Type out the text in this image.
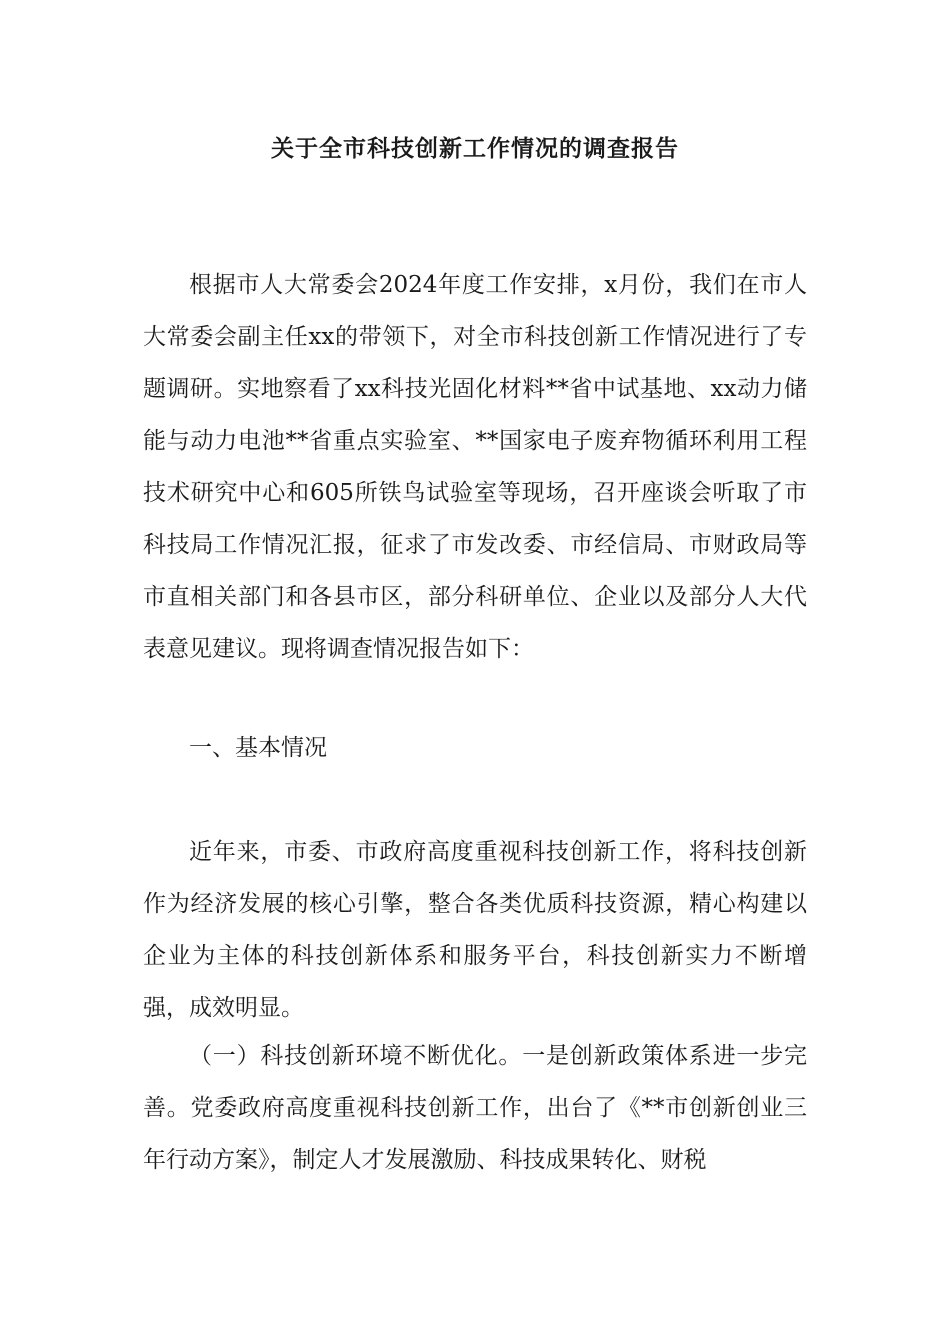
关于全市科技创新工作情况的调查报告

根据市人大常委会2024年度工作安排，x月份，我们在市人大常委会副主任xx的带领下，对全市科技创新工作情况进行了专题调研。实地察看了xx科技光固化材料**省中试基地、xx动力储能与动力电池**省重点实验室、**国家电子废弃物循环利用工程技术研究中心和605所铁鸟试验室等现场，召开座谈会听取了市科技局工作情况汇报，征求了市发改委、市经信局、市财政局等市直相关部门和各县市区，部分科研单位、企业以及部分人大代表意见建议。现将调查情况报告如下：

一、基本情况

近年来，市委、市政府高度重视科技创新工作，将科技创新作为经济发展的核心引擎，整合各类优质科技资源，精心构建以企业为主体的科技创新体系和服务平台，科技创新实力不断增强，成效明显。

（一）科技创新环境不断优化。一是创新政策体系进一步完善。党委政府高度重视科技创新工作，出台了《**市创新创业三年行动方案》，制定人才发展激励、科技成果转化、财税
